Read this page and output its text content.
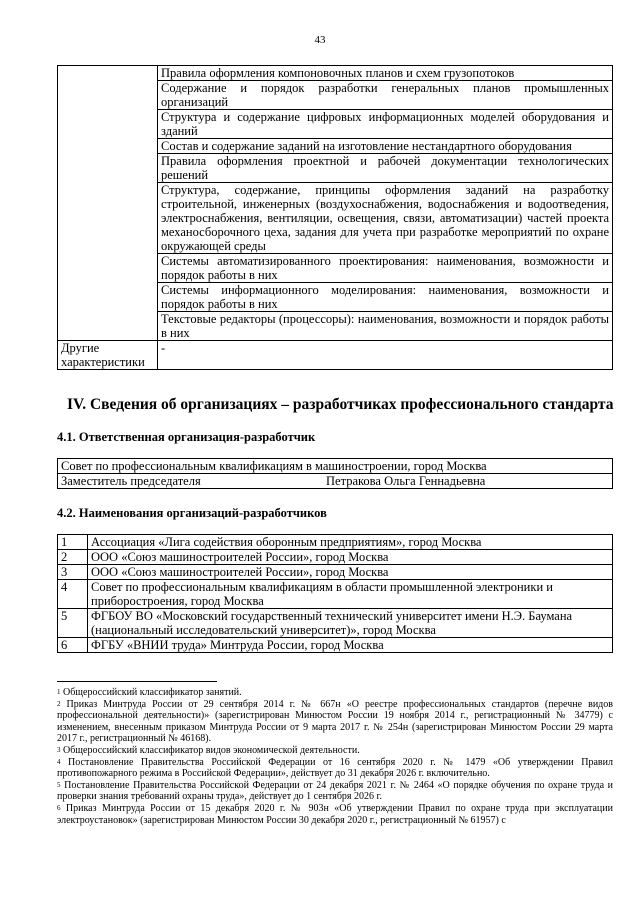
43

	Правила оформления компоновочных планов и схем грузопотоков

	Содержание и порядок разработки генеральных планов промышленных организаций

	Структура и содержание цифровых информационных моделей оборудования и зданий

	Состав и содержание заданий на изготовление нестандартного оборудования

	Правила оформления проектной и рабочей документации технологических решений

	Структура, содержание, принципы оформления заданий на разработку строительной, инженерных (воздухоснабжения, водоснабжения и водоотведения, электроснабжения, вентиляции, освещения, связи, автоматизации) частей проекта механосборочного цеха, задания для учета при разработке мероприятий по охране окружающей среды

	Системы автоматизированного проектирования: наименования, возможности и порядок работы в них

	Системы информационного моделирования: наименования, возможности и порядок работы в них

	Текстовые редакторы (процессоры): наименования, возможности и порядок работы в них

Другие характеристики	-
IV. Сведения об организациях – разработчиках профессионального стандарта
4.1. Ответственная организация-разработчик
Совет по профессиональным квалификациям в машиностроении, город Москва

Заместитель председателя	Петракова Ольга Геннадьевна
4.2. Наименования организаций-разработчиков
1	Ассоциация «Лига содействия оборонным предприятиям», город Москва
2	ООО «Союз машиностроителей России», город Москва
3	ООО «Союз машиностроителей России», город Москва
4	Совет по профессиональным квалификациям в области промышленной электроники и приборостроения, город Москва
5	ФГБОУ ВО «Московский государственный технический университет имени Н.Э. Баумана (национальный исследовательский университет)», город Москва
6	ФГБУ «ВНИИ труда» Минтруда России, город Москва

$^1$ Общероссийский классификатор занятий.

$^2$ Приказ Минтруда России от 29 сентября 2014 г. № 667н «О реестре профессиональных стандартов (перечне видов профессиональной деятельности)» (зарегистрирован Минюстом России 19 ноября 2014 г., регистрационный № 34779) с изменением, внесенным приказом Минтруда России от 9 марта 2017 г. № 254н (зарегистрирован Минюстом России 29 марта 2017 г., регистрационный № 46168).

$^3$ Общероссийский классификатор видов экономической деятельности.

$^4$ Постановление Правительства Российской Федерации от 16 сентября 2020 г. № 1479 «Об утверждении Правил противопожарного режима в Российской Федерации», действует до 31 декабря 2026 г. включительно.

$^5$ Постановление Правительства Российской Федерации от 24 декабря 2021 г. № 2464 «О порядке обучения по охране труда и проверки знания требований охраны труда», действует до 1 сентября 2026 г.

$^6$ Приказ Минтруда России от 15 декабря 2020 г. № 903н «Об утверждении Правил по охране труда при эксплуатации электроустановок» (зарегистрирован Минюстом России 30 декабря 2020 г., регистрационный № 61957) с
